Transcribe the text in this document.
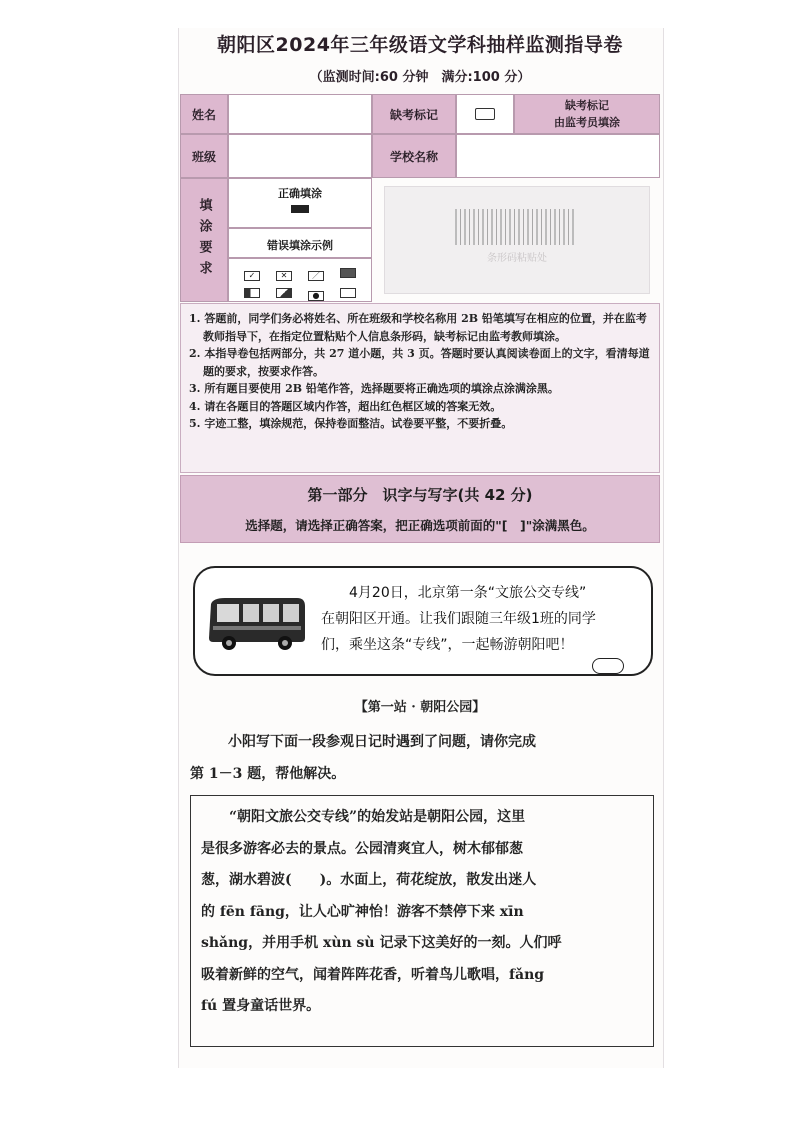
朝阳区2024年三年级语文学科抽样监测指导卷
（监测时间:60 分钟　满分:100 分）
姓名	缺考标记
缺考标记
由监考员填涂
班级	学校名称
填涂要求
正确填涂
错误填涂示例
✓	✕	／
●
条形码粘贴处
1. 答题前，同学们务必将姓名、所在班级和学校名称用 2B 铅笔填写在相应的位置，并在监考教师指导下，在指定位置粘贴个人信息条形码，缺考标记由监考教师填涂。
2. 本指导卷包括两部分，共 27 道小题，共 3 页。答题时要认真阅读卷面上的文字，看清每道题的要求，按要求作答。
3. 所有题目要使用 2B 铅笔作答，选择题要将正确选项的填涂点涂满涂黑。
4. 请在各题目的答题区域内作答，超出红色框区域的答案无效。
5. 字迹工整，填涂规范，保持卷面整洁。试卷要平整，不要折叠。
第一部分　识字与写字(共 42 分)
选择题，请选择正确答案，把正确选项前面的"[　]"涂满黑色。
4月20日，北京第一条“文旅公交专线”
在朝阳区开通。让我们跟随三年级1班的同学
们，乘坐这条“专线”，一起畅游朝阳吧！
【第一站 · 朝阳公园】
小阳写下面一段参观日记时遇到了问题，请你完成
第 1－3 题，帮他解决。
　　“朝阳文旅公交专线”的始发站是朝阳公园，这里
是很多游客必去的景点。公园清爽宜人，树木郁郁葱
葱，湖水碧波(　　)。水面上，荷花绽放，散发出迷人
的 fēn fāng，让人心旷神怡！游客不禁停下来 xīn
shǎng，并用手机 xùn sù 记录下这美好的一刻。人们呼
吸着新鲜的空气，闻着阵阵花香，听着鸟儿歌唱，fǎng
fú 置身童话世界。
